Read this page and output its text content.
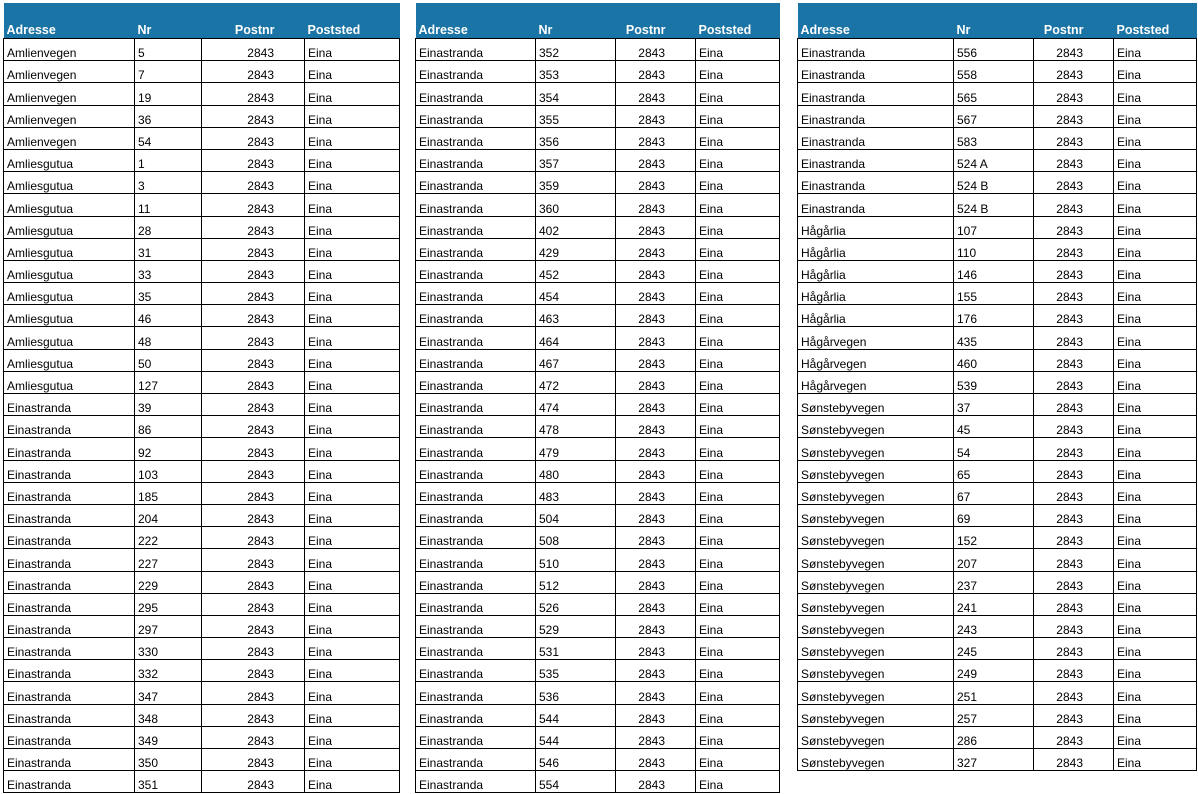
Adresse	Nr	Postnr	Poststed
Amlienvegen	5	2843	Eina
Amlienvegen	7	2843	Eina
Amlienvegen	19	2843	Eina
Amlienvegen	36	2843	Eina
Amlienvegen	54	2843	Eina
Amliesgutua	1	2843	Eina
Amliesgutua	3	2843	Eina
Amliesgutua	11	2843	Eina
Amliesgutua	28	2843	Eina
Amliesgutua	31	2843	Eina
Amliesgutua	33	2843	Eina
Amliesgutua	35	2843	Eina
Amliesgutua	46	2843	Eina
Amliesgutua	48	2843	Eina
Amliesgutua	50	2843	Eina
Amliesgutua	127	2843	Eina
Einastranda	39	2843	Eina
Einastranda	86	2843	Eina
Einastranda	92	2843	Eina
Einastranda	103	2843	Eina
Einastranda	185	2843	Eina
Einastranda	204	2843	Eina
Einastranda	222	2843	Eina
Einastranda	227	2843	Eina
Einastranda	229	2843	Eina
Einastranda	295	2843	Eina
Einastranda	297	2843	Eina
Einastranda	330	2843	Eina
Einastranda	332	2843	Eina
Einastranda	347	2843	Eina
Einastranda	348	2843	Eina
Einastranda	349	2843	Eina
Einastranda	350	2843	Eina
Einastranda	351	2843	Eina
Adresse	Nr	Postnr	Poststed
Einastranda	352	2843	Eina
Einastranda	353	2843	Eina
Einastranda	354	2843	Eina
Einastranda	355	2843	Eina
Einastranda	356	2843	Eina
Einastranda	357	2843	Eina
Einastranda	359	2843	Eina
Einastranda	360	2843	Eina
Einastranda	402	2843	Eina
Einastranda	429	2843	Eina
Einastranda	452	2843	Eina
Einastranda	454	2843	Eina
Einastranda	463	2843	Eina
Einastranda	464	2843	Eina
Einastranda	467	2843	Eina
Einastranda	472	2843	Eina
Einastranda	474	2843	Eina
Einastranda	478	2843	Eina
Einastranda	479	2843	Eina
Einastranda	480	2843	Eina
Einastranda	483	2843	Eina
Einastranda	504	2843	Eina
Einastranda	508	2843	Eina
Einastranda	510	2843	Eina
Einastranda	512	2843	Eina
Einastranda	526	2843	Eina
Einastranda	529	2843	Eina
Einastranda	531	2843	Eina
Einastranda	535	2843	Eina
Einastranda	536	2843	Eina
Einastranda	544	2843	Eina
Einastranda	544	2843	Eina
Einastranda	546	2843	Eina
Einastranda	554	2843	Eina
Adresse	Nr	Postnr	Poststed
Einastranda	556	2843	Eina
Einastranda	558	2843	Eina
Einastranda	565	2843	Eina
Einastranda	567	2843	Eina
Einastranda	583	2843	Eina
Einastranda	524 A	2843	Eina
Einastranda	524 B	2843	Eina
Einastranda	524 B	2843	Eina
Hågårlia	107	2843	Eina
Hågårlia	110	2843	Eina
Hågårlia	146	2843	Eina
Hågårlia	155	2843	Eina
Hågårlia	176	2843	Eina
Hågårvegen	435	2843	Eina
Hågårvegen	460	2843	Eina
Hågårvegen	539	2843	Eina
Sønstebyvegen	37	2843	Eina
Sønstebyvegen	45	2843	Eina
Sønstebyvegen	54	2843	Eina
Sønstebyvegen	65	2843	Eina
Sønstebyvegen	67	2843	Eina
Sønstebyvegen	69	2843	Eina
Sønstebyvegen	152	2843	Eina
Sønstebyvegen	207	2843	Eina
Sønstebyvegen	237	2843	Eina
Sønstebyvegen	241	2843	Eina
Sønstebyvegen	243	2843	Eina
Sønstebyvegen	245	2843	Eina
Sønstebyvegen	249	2843	Eina
Sønstebyvegen	251	2843	Eina
Sønstebyvegen	257	2843	Eina
Sønstebyvegen	286	2843	Eina
Sønstebyvegen	327	2843	Eina
